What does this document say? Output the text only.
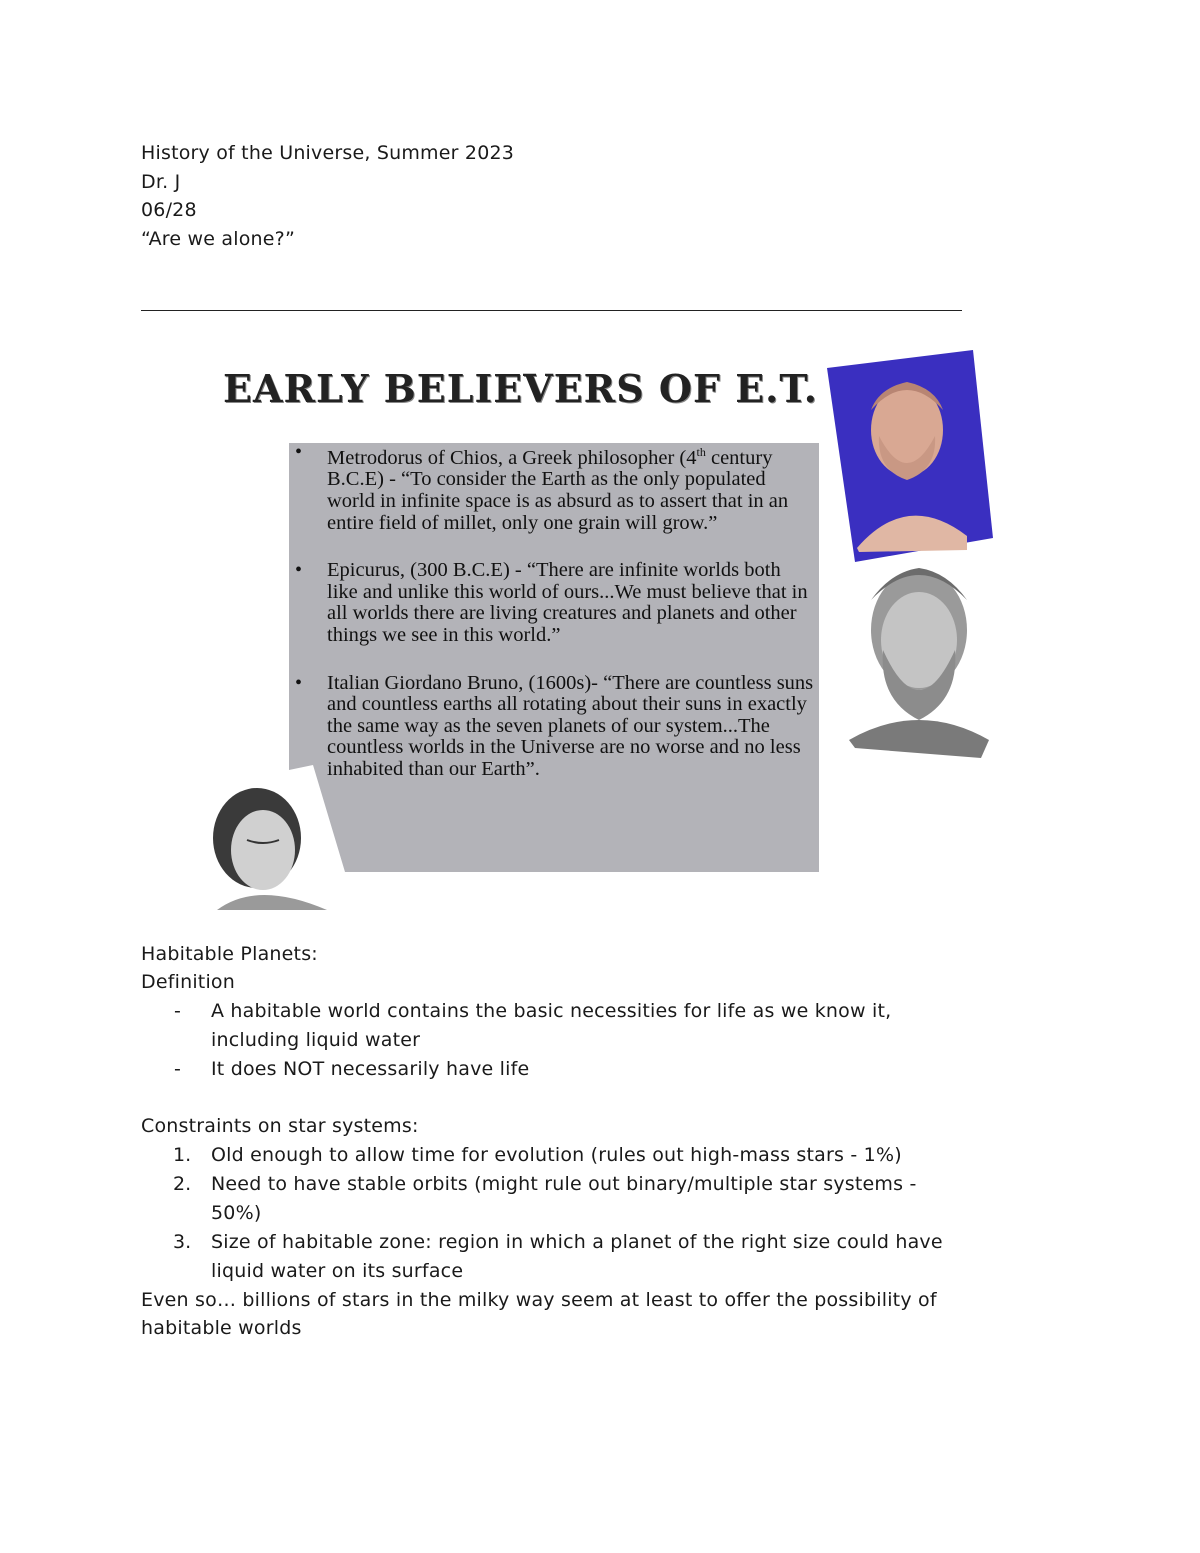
History of the Universe, Summer 2023
Dr. J
06/28
“Are we alone?”
EARLY BELIEVERS OF E.T.
• Metrodorus of Chios, a Greek philosopher (4th century B.C.E) - “To consider the Earth as the only populated world in infinite space is as absurd as to assert that in an entire field of millet, only one grain will grow.”
• Epicurus, (300 B.C.E) - “There are infinite worlds both like and unlike this world of ours...We must believe that in all worlds there are living creatures and planets and other things we see in this world.”
• Italian Giordano Bruno, (1600s)- “There are countless suns and countless earths all rotating about their suns in exactly the same way as the seven planets of our system...The countless worlds in the Universe are no worse and no less inhabited than our Earth”.
Habitable Planets:
Definition
- A habitable world contains the basic necessities for life as we know it,
including liquid water
- It does NOT necessarily have life
Constraints on star systems:
1. Old enough to allow time for evolution (rules out high-mass stars - 1%)
2. Need to have stable orbits (might rule out binary/multiple star systems -
50%)
3. Size of habitable zone: region in which a planet of the right size could have
liquid water on its surface
Even so… billions of stars in the milky way seem at least to offer the possibility of
habitable worlds
